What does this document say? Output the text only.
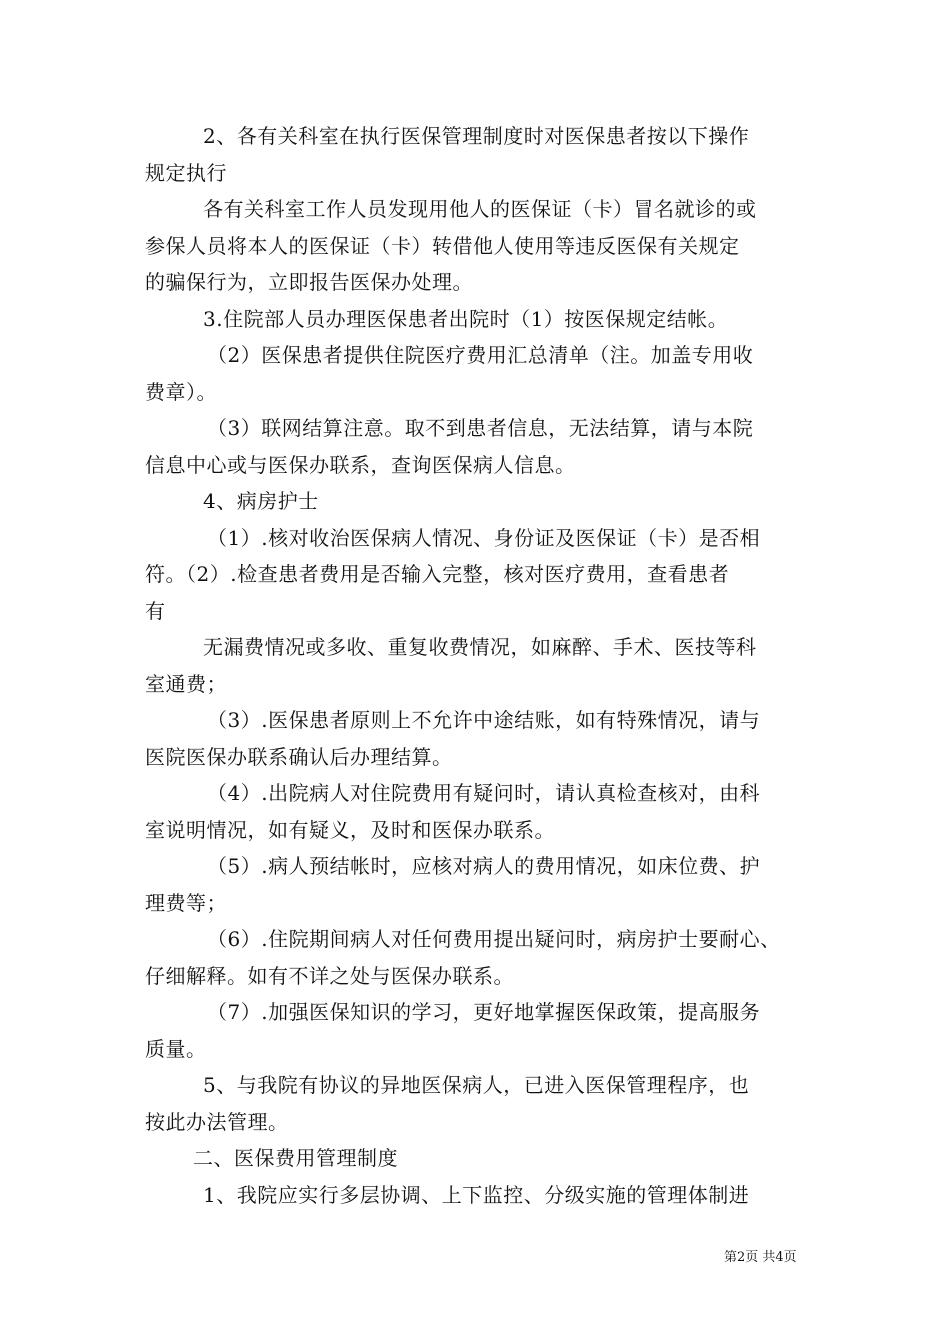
2、各有关科室在执行医保管理制度时对医保患者按以下操作
规定执行
各有关科室工作人员发现用他人的医保证（卡）冒名就诊的或
参保人员将本人的医保证（卡）转借他人使用等违反医保有关规定
的骗保行为，立即报告医保办处理。
3.住院部人员办理医保患者出院时（1）按医保规定结帐。
（2）医保患者提供住院医疗费用汇总清单（注。加盖专用收
费章）。
（3）联网结算注意。取不到患者信息，无法结算，请与本院
信息中心或与医保办联系，查询医保病人信息。
4、病房护士
（1）.核对收治医保病人情况、身份证及医保证（卡）是否相
符。（2）.检查患者费用是否输入完整，核对医疗费用，查看患者
有
无漏费情况或多收、重复收费情况，如麻醉、手术、医技等科
室通费；
（3）.医保患者原则上不允许中途结账，如有特殊情况，请与
医院医保办联系确认后办理结算。
（4）.出院病人对住院费用有疑问时，请认真检查核对，由科
室说明情况，如有疑义，及时和医保办联系。
（5）.病人预结帐时，应核对病人的费用情况，如床位费、护
理费等；
（6）.住院期间病人对任何费用提出疑问时，病房护士要耐心、
仔细解释。如有不详之处与医保办联系。
（7）.加强医保知识的学习，更好地掌握医保政策，提高服务
质量。
5、与我院有协议的异地医保病人，已进入医保管理程序，也
按此办法管理。
二、医保费用管理制度
1、我院应实行多层协调、上下监控、分级实施的管理体制进
第2页 共4页
